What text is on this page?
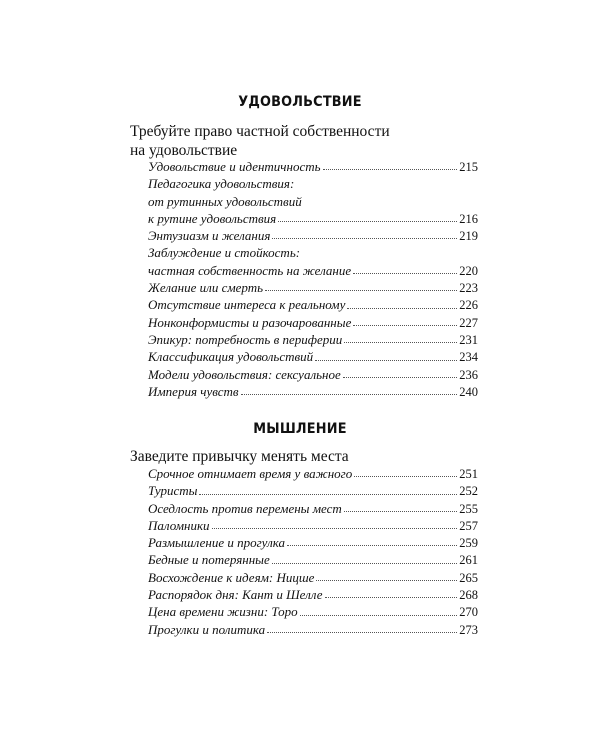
УДОВОЛЬСТВИЕ
Требуйте право частной собственности
на удовольствие
Удовольствие и идентичность	215
Педагогика удовольствия:
от рутинных удовольствий
к рутине удовольствия	216
Энтузиазм и желания	219
Заблуждение и стойкость:
частная собственность на желание	220
Желание или смерть	223
Отсутствие интереса к реальному	226
Нонконформисты и разочарованные	227
Эпикур: потребность в периферии	231
Классификация удовольствий	234
Модели удовольствия: сексуальное	236
Империя чувств	240
МЫШЛЕНИЕ
Заведите привычку менять места
Срочное отнимает время у важного	251
Туристы	252
Оседлость против перемены мест	255
Паломники	257
Размышление и прогулка	259
Бедные и потерянные	261
Восхождение к идеям: Ницше	265
Распорядок дня: Кант и Шелле	268
Цена времени жизни: Торо	270
Прогулки и политика	273
